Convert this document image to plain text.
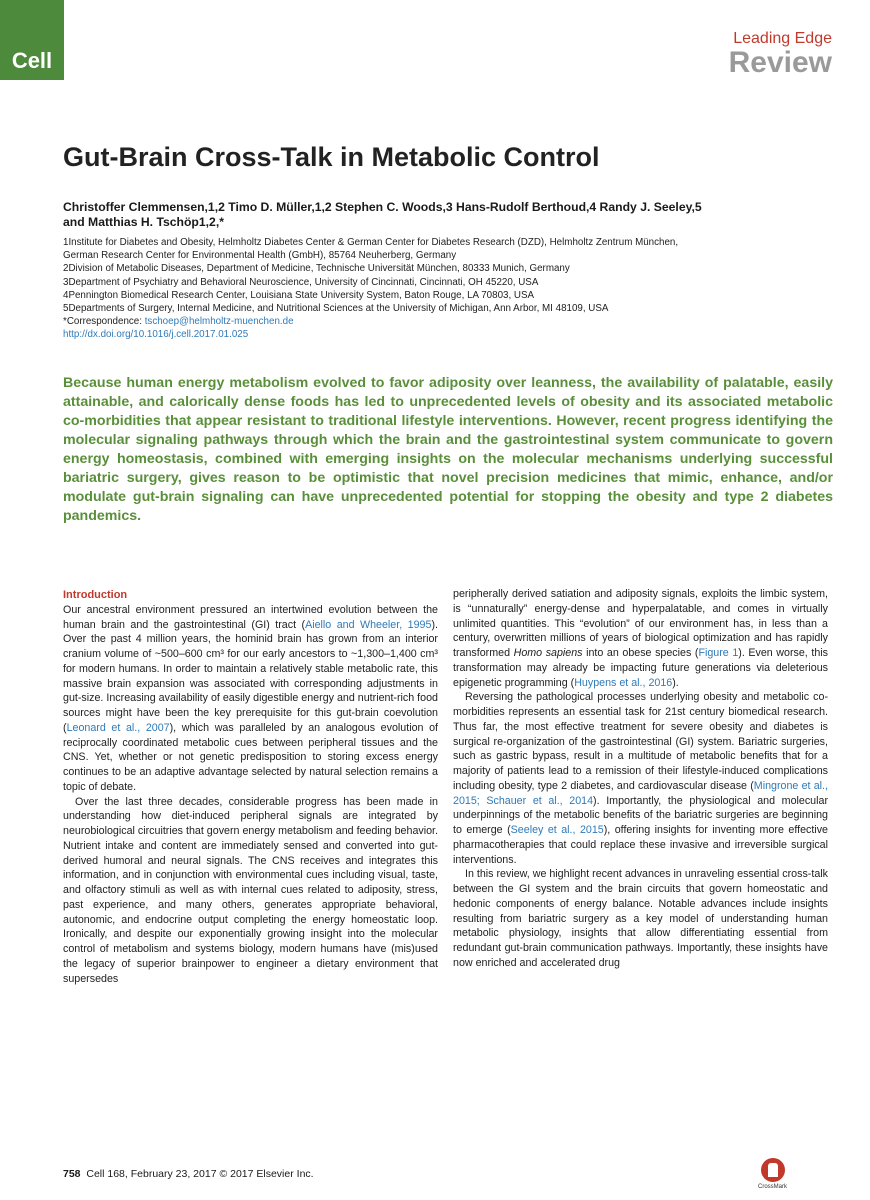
Cell
Leading Edge
Review
Gut-Brain Cross-Talk in Metabolic Control
Christoffer Clemmensen,1,2 Timo D. Müller,1,2 Stephen C. Woods,3 Hans-Rudolf Berthoud,4 Randy J. Seeley,5
and Matthias H. Tschöp1,2,*

1Institute for Diabetes and Obesity, Helmholtz Diabetes Center & German Center for Diabetes Research (DZD), Helmholtz Zentrum München,

German Research Center for Environmental Health (GmbH), 85764 Neuherberg, Germany

2Division of Metabolic Diseases, Department of Medicine, Technische Universität München, 80333 Munich, Germany

3Department of Psychiatry and Behavioral Neuroscience, University of Cincinnati, Cincinnati, OH 45220, USA

4Pennington Biomedical Research Center, Louisiana State University System, Baton Rouge, LA 70803, USA

5Departments of Surgery, Internal Medicine, and Nutritional Sciences at the University of Michigan, Ann Arbor, MI 48109, USA

*Correspondence: tschoep@helmholtz-muenchen.de

http://dx.doi.org/10.1016/j.cell.2017.01.025

Because human energy metabolism evolved to favor adiposity over leanness, the availability of palatable, easily attainable, and calorically dense foods has led to unprecedented levels of obesity and its associated metabolic co-morbidities that appear resistant to traditional lifestyle interventions. However, recent progress identifying the molecular signaling pathways through which the brain and the gastrointestinal system communicate to govern energy homeostasis, combined with emerging insights on the molecular mechanisms underlying successful bariatric surgery, gives reason to be optimistic that novel precision medicines that mimic, enhance, and/or modulate gut-brain signaling can have unprecedented potential for stopping the obesity and type 2 diabetes pandemics.
Introduction

Our ancestral environment pressured an intertwined evolution between the human brain and the gastrointestinal (GI) tract (Aiello and Wheeler, 1995). Over the past 4 million years, the hominid brain has grown from an interior cranium volume of ~500–600 cm³ for our early ancestors to ~1,300–1,400 cm³ for modern humans. In order to maintain a relatively stable metabolic rate, this massive brain expansion was associated with corresponding adjustments in gut-size. Increasing availability of easily digestible energy and nutrient-rich food sources might have been the key prerequisite for this gut-brain coevolution (Leonard et al., 2007), which was paralleled by an analogous evolution of reciprocally coordinated metabolic cues between peripheral tissues and the CNS. Yet, whether or not genetic predisposition to storing excess energy continues to be an adaptive advantage selected by natural selection remains a topic of debate.

Over the last three decades, considerable progress has been made in understanding how diet-induced peripheral signals are integrated by neurobiological circuitries that govern energy metabolism and feeding behavior. Nutrient intake and content are immediately sensed and converted into gut-derived humoral and neural signals. The CNS receives and integrates this information, and in conjunction with environmental cues including visual, taste, and olfactory stimuli as well as with internal cues related to adiposity, stress, past experience, and many others, generates appropriate behavioral, autonomic, and endocrine output completing the energy homeostatic loop. Ironically, and despite our exponentially growing insight into the molecular control of metabolism and systems biology, modern humans have (mis)used the legacy of superior brainpower to engineer a dietary environment that supersedes

peripherally derived satiation and adiposity signals, exploits the limbic system, is “unnaturally” energy-dense and hyperpalatable, and comes in virtually unlimited quantities. This “evolution” of our environment has, in less than a century, overwritten millions of years of biological optimization and has rapidly transformed Homo sapiens into an obese species (Figure 1). Even worse, this transformation may already be impacting future generations via deleterious epigenetic programming (Huypens et al., 2016).

Reversing the pathological processes underlying obesity and metabolic co-morbidities represents an essential task for 21st century biomedical research. Thus far, the most effective treatment for severe obesity and diabetes is surgical re-organization of the gastrointestinal (GI) system. Bariatric surgeries, such as gastric bypass, result in a multitude of metabolic benefits that for a majority of patients lead to a remission of their lifestyle-induced complications including obesity, type 2 diabetes, and cardiovascular disease (Mingrone et al., 2015; Schauer et al., 2014). Importantly, the physiological and molecular underpinnings of the metabolic benefits of the bariatric surgeries are beginning to emerge (Seeley et al., 2015), offering insights for inventing more effective pharmacotherapies that could replace these invasive and irreversible surgical interventions.

In this review, we highlight recent advances in unraveling essential cross-talk between the GI system and the brain circuits that govern homeostatic and hedonic components of energy balance. Notable advances include insights resulting from bariatric surgery as a key model of understanding human metabolic physiology, insights that allow differentiating essential from redundant gut-brain communication pathways. Importantly, these insights have now enriched and accelerated drug

758 Cell 168, February 23, 2017 © 2017 Elsevier Inc.
CrossMark
